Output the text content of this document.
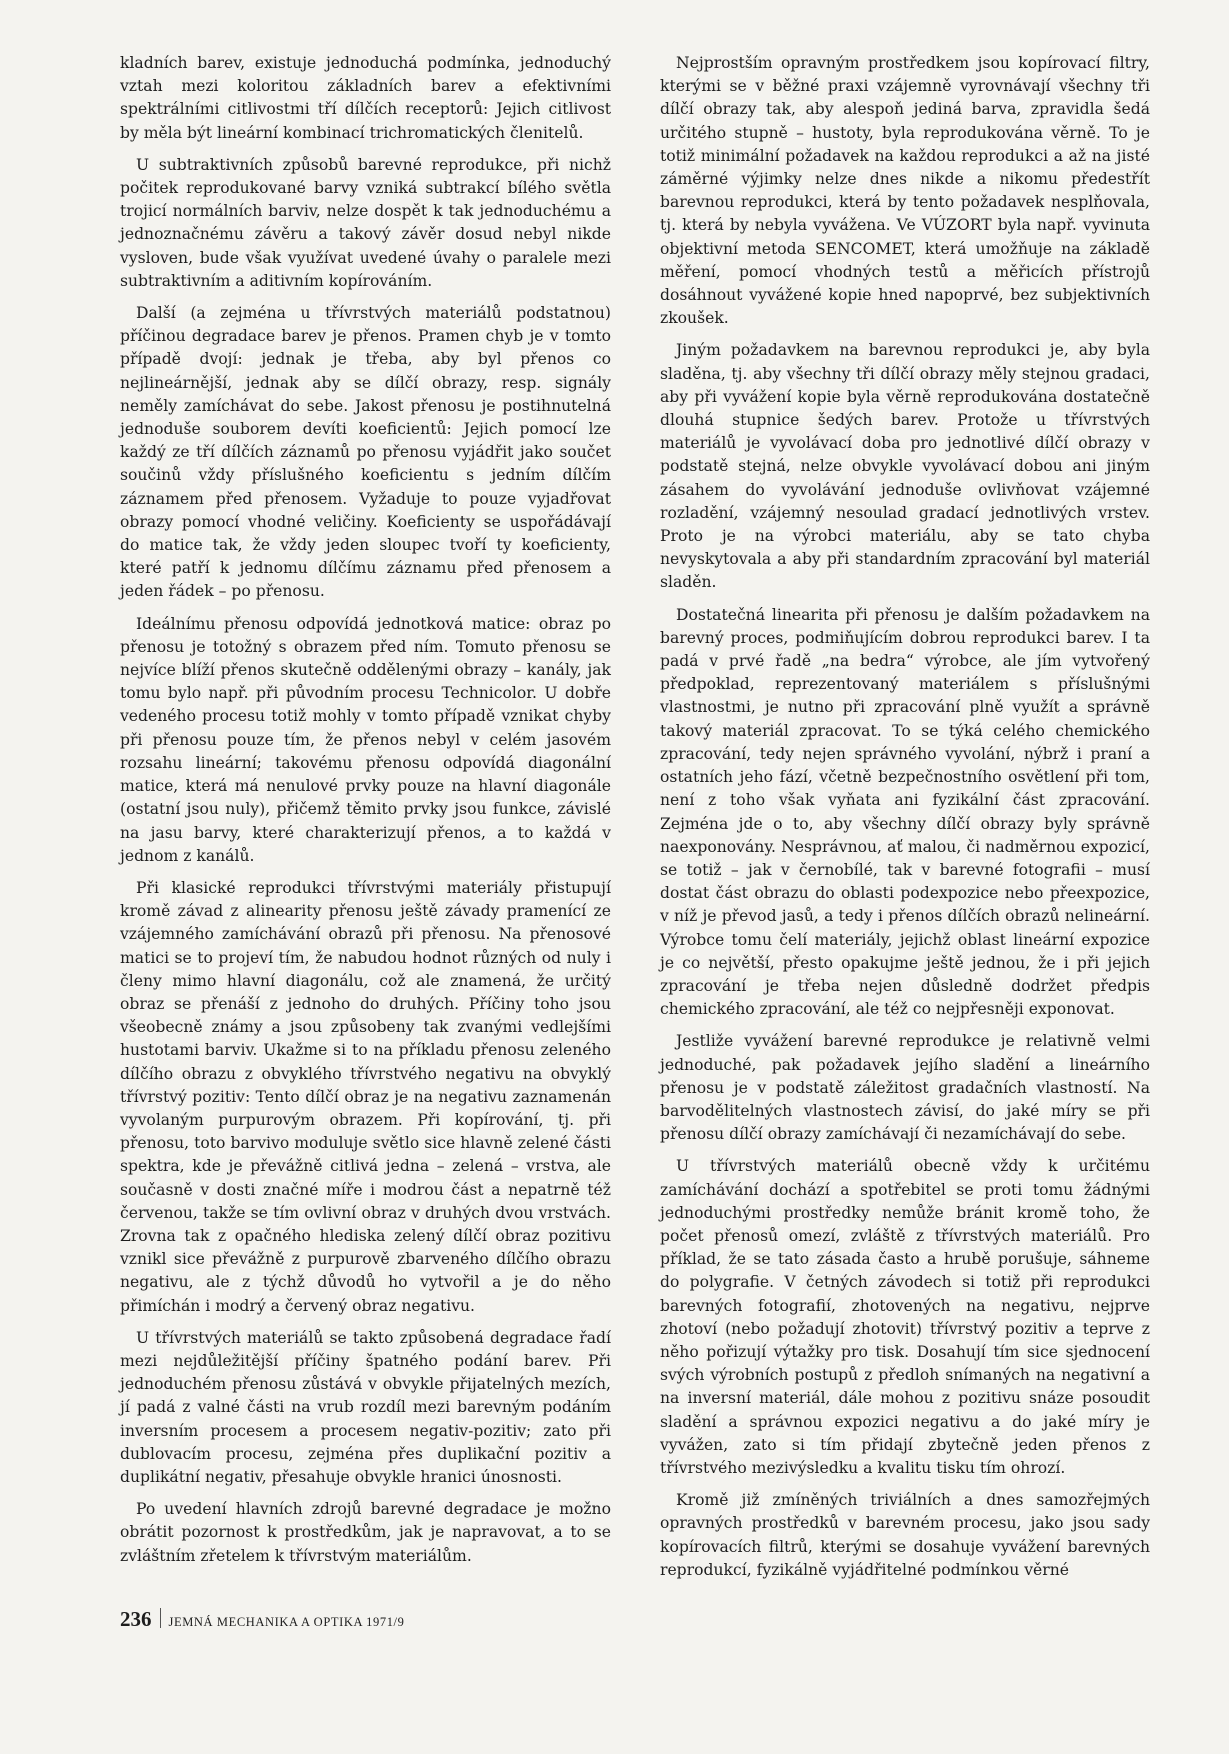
kladních barev, existuje jednoduchá podmínka, jednoduchý vztah mezi koloritou základních barev a efektivními spektrálními citlivostmi tří dílčích receptorů: Jejich citlivost by měla být lineární kombinací trichromatických členitelů.

U subtraktivních způsobů barevné reprodukce, při nichž počitek reprodukované barvy vzniká subtrakcí bílého světla trojicí normálních barviv, nelze dospět k tak jednoduchému a jednoznačnému závěru a takový závěr dosud nebyl nikde vysloven, bude však využívat uvedené úvahy o paralele mezi subtraktivním a aditivním kopírováním.

Další (a zejména u třívrstvých materiálů podstatnou) příčinou degradace barev je přenos. Pramen chyb je v tomto případě dvojí: jednak je třeba, aby byl přenos co nejlineárnější, jednak aby se dílčí obrazy, resp. signály neměly zamíchávat do sebe. Jakost přenosu je postihnutelná jednoduše souborem devíti koeficientů: Jejich pomocí lze každý ze tří dílčích záznamů po přenosu vyjádřit jako součet součinů vždy příslušného koeficientu s jedním dílčím záznamem před přenosem. Vyžaduje to pouze vyjadřovat obrazy pomocí vhodné veličiny. Koeficienty se uspořádávají do matice tak, že vždy jeden sloupec tvoří ty koeficienty, které patří k jednomu dílčímu záznamu před přenosem a jeden řádek – po přenosu.

Ideálnímu přenosu odpovídá jednotková matice: obraz po přenosu je totožný s obrazem před ním. Tomuto přenosu se nejvíce blíží přenos skutečně oddělenými obrazy – kanály, jak tomu bylo např. při původním procesu Technicolor. U dobře vedeného procesu totiž mohly v tomto případě vznikat chyby při přenosu pouze tím, že přenos nebyl v celém jasovém rozsahu lineární; takovému přenosu odpovídá diagonální matice, která má nenulové prvky pouze na hlavní diagonále (ostatní jsou nuly), přičemž těmito prvky jsou funkce, závislé na jasu barvy, které charakterizují přenos, a to každá v jednom z kanálů.

Při klasické reprodukci třívrstvými materiály přistupují kromě závad z alinearity přenosu ještě závady pramenící ze vzájemného zamíchávání obrazů při přenosu. Na přenosové matici se to projeví tím, že nabudou hodnot různých od nuly i členy mimo hlavní diagonálu, což ale znamená, že určitý obraz se přenáší z jednoho do druhých. Příčiny toho jsou všeobecně známy a jsou způsobeny tak zvanými vedlejšími hustotami barviv. Ukažme si to na příkladu přenosu zeleného dílčího obrazu z obvyklého třívrstvého negativu na obvyklý třívrstvý pozitiv: Tento dílčí obraz je na negativu zaznamenán vyvolaným purpurovým obrazem. Při kopírování, tj. při přenosu, toto barvivo moduluje světlo sice hlavně zelené části spektra, kde je převážně citlivá jedna – zelená – vrstva, ale současně v dosti značné míře i modrou část a nepatrně též červenou, takže se tím ovlivní obraz v druhých dvou vrstvách. Zrovna tak z opačného hlediska zelený dílčí obraz pozitivu vznikl sice převážně z purpurově zbarveného dílčího obrazu negativu, ale z týchž důvodů ho vytvořil a je do něho přimíchán i modrý a červený obraz negativu.

U třívrstvých materiálů se takto způsobená degradace řadí mezi nejdůležitější příčiny špatného podání barev. Při jednoduchém přenosu zůstává v obvykle přijatelných mezích, jí padá z valné části na vrub rozdíl mezi barevným podáním inversním procesem a procesem negativ-pozitiv; zato při dublovacím procesu, zejména přes duplikační pozitiv a duplikátní negativ, přesahuje obvykle hranici únosnosti.

Po uvedení hlavních zdrojů barevné degradace je možno obrátit pozornost k prostředkům, jak je napravovat, a to se zvláštním zřetelem k třívrstvým materiálům.

Nejprostším opravným prostředkem jsou kopírovací filtry, kterými se v běžné praxi vzájemně vyrovnávají všechny tři dílčí obrazy tak, aby alespoň jediná barva, zpravidla šedá určitého stupně – hustoty, byla reprodukována věrně. To je totiž minimální požadavek na každou reprodukci a až na jisté záměrné výjimky nelze dnes nikde a nikomu předestřít barevnou reprodukci, která by tento požadavek nesplňovala, tj. která by nebyla vyvážena. Ve VÚZORT byla např. vyvinuta objektivní metoda SENCOMET, která umožňuje na základě měření, pomocí vhodných testů a měřicích přístrojů dosáhnout vyvážené kopie hned napoprvé, bez subjektivních zkoušek.

Jiným požadavkem na barevnou reprodukci je, aby byla sladěna, tj. aby všechny tři dílčí obrazy měly stejnou gradaci, aby při vyvážení kopie byla věrně reprodukována dostatečně dlouhá stupnice šedých barev. Protože u třívrstvých materiálů je vyvolávací doba pro jednotlivé dílčí obrazy v podstatě stejná, nelze obvykle vyvolávací dobou ani jiným zásahem do vyvolávání jednoduše ovlivňovat vzájemné rozladění, vzájemný nesoulad gradací jednotlivých vrstev. Proto je na výrobci materiálu, aby se tato chyba nevyskytovala a aby při standardním zpracování byl materiál sladěn.

Dostatečná linearita při přenosu je dalším požadavkem na barevný proces, podmiňujícím dobrou reprodukci barev. I ta padá v prvé řadě „na bedra“ výrobce, ale jím vytvořený předpoklad, reprezentovaný materiálem s příslušnými vlastnostmi, je nutno při zpracování plně využít a správně takový materiál zpracovat. To se týká celého chemického zpracování, tedy nejen správného vyvolání, nýbrž i praní a ostatních jeho fází, včetně bezpečnostního osvětlení při tom, není z toho však vyňata ani fyzikální část zpracování. Zejména jde o to, aby všechny dílčí obrazy byly správně naexponovány. Nesprávnou, ať malou, či nadměrnou expozicí, se totiž – jak v černobílé, tak v barevné fotografii – musí dostat část obrazu do oblasti podexpozice nebo přeexpozice, v níž je převod jasů, a tedy i přenos dílčích obrazů nelineární. Výrobce tomu čelí materiály, jejichž oblast lineární expozice je co největší, přesto opakujme ještě jednou, že i při jejich zpracování je třeba nejen důsledně dodržet předpis chemického zpracování, ale též co nejpřesněji exponovat.

Jestliže vyvážení barevné reprodukce je relativně velmi jednoduché, pak požadavek jejího sladění a lineárního přenosu je v podstatě záležitost gradačních vlastností. Na barvodělitelných vlastnostech závisí, do jaké míry se při přenosu dílčí obrazy zamíchávají či nezamíchávají do sebe.

U třívrstvých materiálů obecně vždy k určitému zamíchávání dochází a spotřebitel se proti tomu žádnými jednoduchými prostředky nemůže bránit kromě toho, že počet přenosů omezí, zvláště z třívrstvých materiálů. Pro příklad, že se tato zásada často a hrubě porušuje, sáhneme do polygrafie. V četných závodech si totiž při reprodukci barevných fotografií, zhotovených na negativu, nejprve zhotoví (nebo požadují zhotovit) třívrstvý pozitiv a teprve z něho pořizují výtažky pro tisk. Dosahují tím sice sjednocení svých výrobních postupů z předloh snímaných na negativní a na inversní materiál, dále mohou z pozitivu snáze posoudit sladění a správnou expozici negativu a do jaké míry je vyvážen, zato si tím přidají zbytečně jeden přenos z třívrstvého mezivýsledku a kvalitu tisku tím ohrozí.

Kromě již zmíněných triviálních a dnes samozřejmých opravných prostředků v barevném procesu, jako jsou sady kopírovacích filtrů, kterými se dosahuje vyvážení barevných reprodukcí, fyzikálně vyjádřitelné podmínkou věrné

236 JEMNÁ MECHANIKA A OPTIKA 1971/9
